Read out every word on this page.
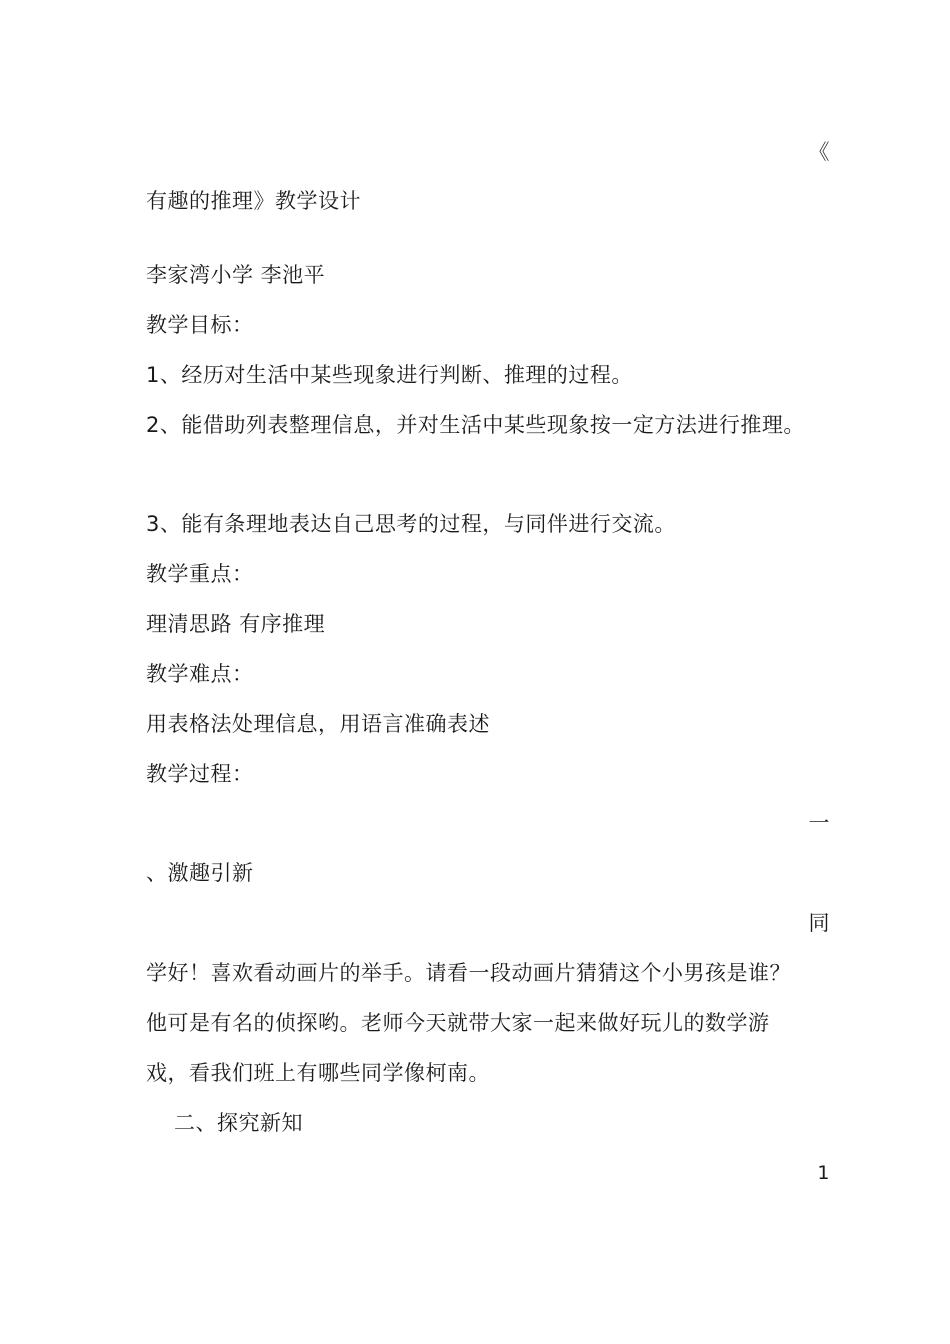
《
有趣的推理》教学设计
李家湾小学 李池平
教学目标：
1、经历对生活中某些现象进行判断、推理的过程。
2、能借助列表整理信息，并对生活中某些现象按一定方法进行推理。
3、能有条理地表达自己思考的过程，与同伴进行交流。
教学重点：
理清思路 有序推理
教学难点：
用表格法处理信息，用语言准确表述
教学过程：
一
、激趣引新
同
学好！喜欢看动画片的举手。请看一段动画片猜猜这个小男孩是谁？
他可是有名的侦探哟。老师今天就带大家一起来做好玩儿的数学游
戏，看我们班上有哪些同学像柯南。
二、探究新知
1
